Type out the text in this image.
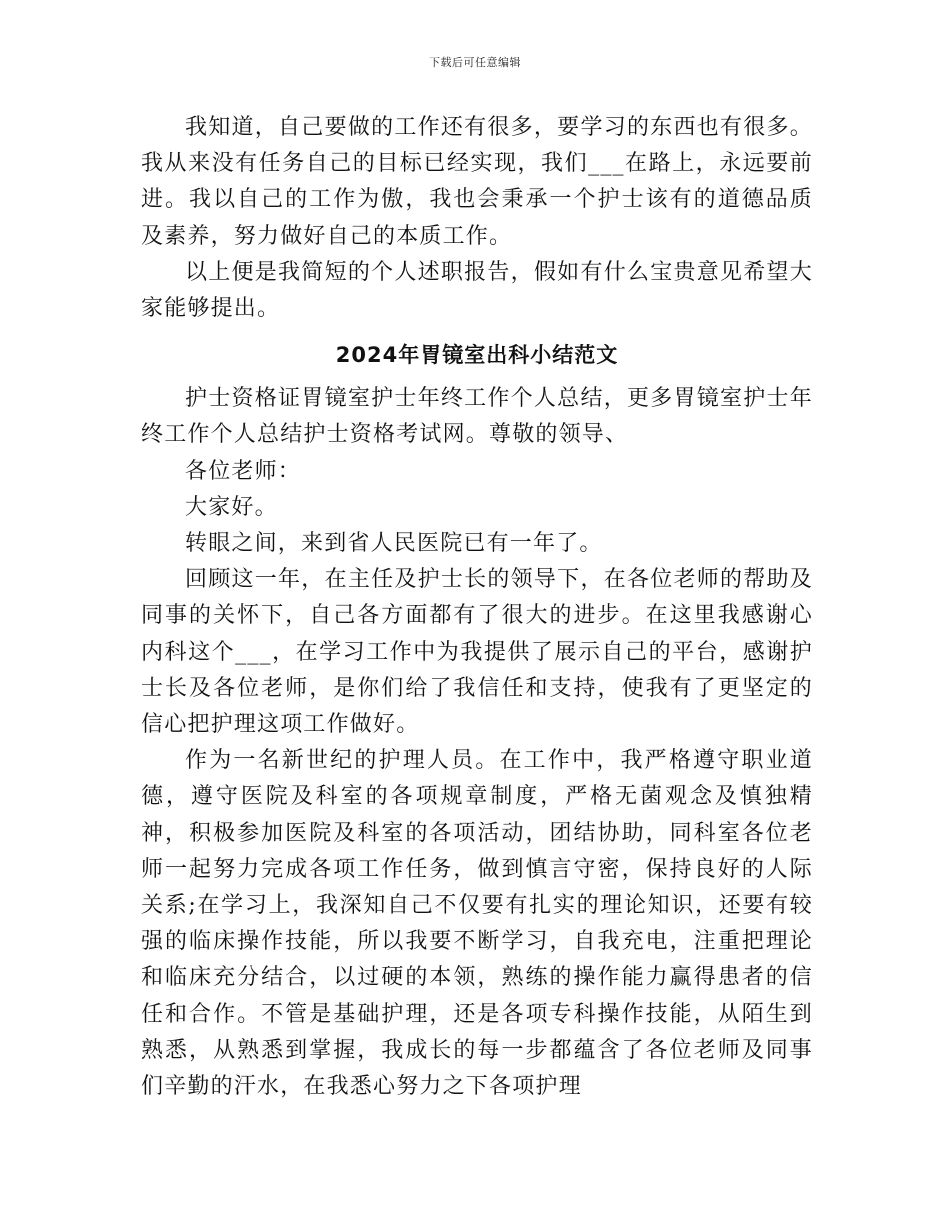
下载后可任意编辑

我知道，自己要做的工作还有很多，要学习的东西也有很多。我从来没有任务自己的目标已经实现，我们___在路上，永远要前进。我以自己的工作为傲，我也会秉承一个护士该有的道德品质及素养，努力做好自己的本质工作。

以上便是我简短的个人述职报告，假如有什么宝贵意见希望大家能够提出。

2024年胃镜室出科小结范文

护士资格证胃镜室护士年终工作个人总结，更多胃镜室护士年终工作个人总结护士资格考试网。尊敬的领导、

各位老师：

大家好。

转眼之间，来到省人民医院已有一年了。

回顾这一年，在主任及护士长的领导下，在各位老师的帮助及同事的关怀下，自己各方面都有了很大的进步。在这里我感谢心内科这个___，在学习工作中为我提供了展示自己的平台，感谢护士长及各位老师，是你们给了我信任和支持，使我有了更坚定的信心把护理这项工作做好。

作为一名新世纪的护理人员。在工作中，我严格遵守职业道德，遵守医院及科室的各项规章制度，严格无菌观念及慎独精神，积极参加医院及科室的各项活动，团结协助，同科室各位老师一起努力完成各项工作任务，做到慎言守密，保持良好的人际关系;在学习上，我深知自己不仅要有扎实的理论知识，还要有较强的临床操作技能，所以我要不断学习，自我充电，注重把理论和临床充分结合，以过硬的本领，熟练的操作能力赢得患者的信任和合作。不管是基础护理，还是各项专科操作技能，从陌生到熟悉，从熟悉到掌握，我成长的每一步都蕴含了各位老师及同事们辛勤的汗水，在我悉心努力之下各项护理
